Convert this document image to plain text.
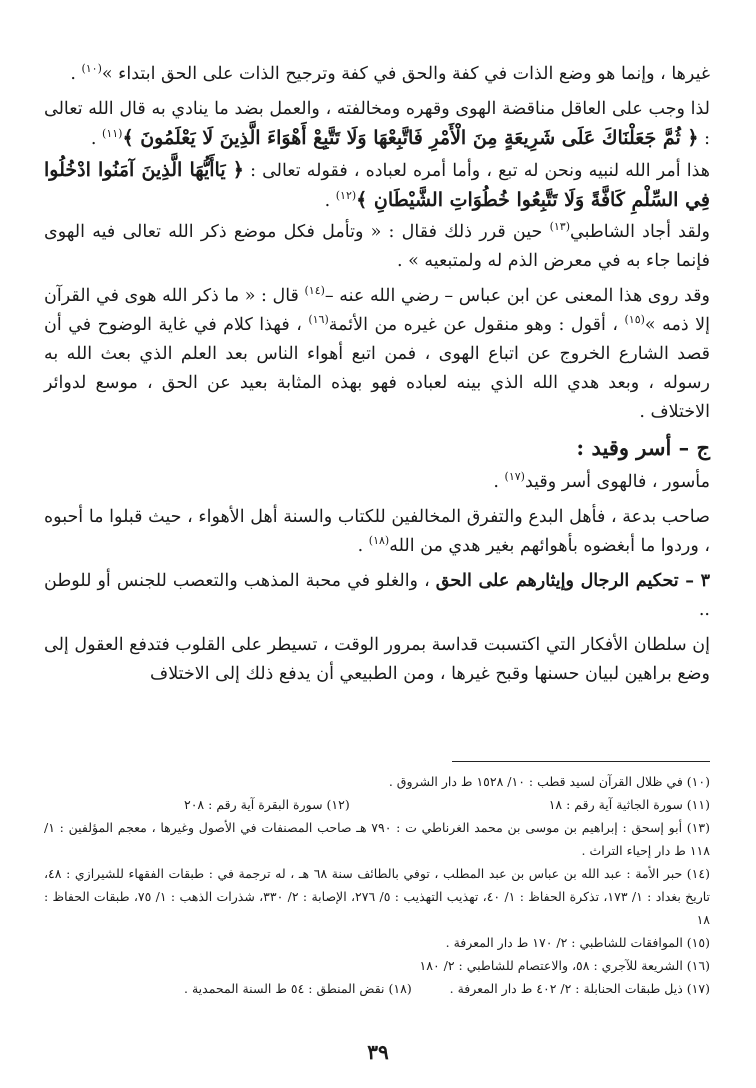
غيرها ، وإنما هو وضع الذات في كفة والحق في كفة وترجيح الذات على الحق ابتداء »$^{(١٠)}$ .

لذا وجب على العاقل مناقضة الهوى وقهره ومخالفته ، والعمل بضد ما ينادي به قال الله تعالى : ﴿ ثُمَّ جَعَلْنَاكَ عَلَى شَرِيعَةٍ مِنَ الْأَمْرِ فَاتَّبِعْهَا وَلَا تَتَّبِعْ أَهْوَاءَ الَّذِينَ لَا يَعْلَمُونَ ﴾$^{(١١)}$ .

هذا أمر الله لنبيه ونحن له تبع ، وأما أمره لعباده ، فقوله تعالى : ﴿ يَاأَيُّهَا الَّذِينَ آمَنُوا ادْخُلُوا فِي السِّلْمِ كَافَّةً وَلَا تَتَّبِعُوا خُطُوَاتِ الشَّيْطَانِ ﴾$^{(١٢)}$ .

ولقد أجاد الشاطبي$^{(١٣)}$ حين قرر ذلك فقال : « وتأمل فكل موضع ذكر الله تعالى فيه الهوى فإنما جاء به في معرض الذم له ولمتبعيه » .

وقد روى هذا المعنى عن ابن عباس – رضي الله عنه –$^{(١٤)}$ قال : « ما ذكر الله هوى في القرآن إلا ذمه »$^{(١٥)}$ ، أقول : وهو منقول عن غيره من الأئمة$^{(١٦)}$ ، فهذا كلام في غاية الوضوح في أن قصد الشارع الخروج عن اتباع الهوى ، فمن اتبع أهواء الناس بعد العلم الذي بعث الله به رسوله ، وبعد هدي الله الذي بينه لعباده فهو بهذه المثابة بعيد عن الحق ، موسع لدوائر الاختلاف .

ج – أسر وقيد :

مأسور ، فالهوى أسر وقيد$^{(١٧)}$ .

صاحب بدعة ، فأهل البدع والتفرق المخالفين للكتاب والسنة أهل الأهواء ، حيث قبلوا ما أحبوه ، وردوا ما أبغضوه بأهوائهم بغير هدي من الله$^{(١٨)}$ .

٣ – تحكيم الرجال وإيثارهم على الحق ، والغلو في محبة المذهب والتعصب للجنس أو للوطن ..

إن سلطان الأفكار التي اكتسبت قداسة بمرور الوقت ، تسيطر على القلوب فتدفع العقول إلى وضع براهين لبيان حسنها وقبح غيرها ، ومن الطبيعي أن يدفع ذلك إلى الاختلاف

(١٠) في ظلال القرآن لسيد قطب : ١٠/ ١٥٢٨ ط دار الشروق .

(١١) سورة الجاثية آية رقم : ١٨
(١٢) سورة البقرة آية رقم : ٢٠٨

(١٣) أبو إسحق : إبراهيم بن موسى بن محمد الغرناطي ت : ٧٩٠ هـ صاحب المصنفات في الأصول وغيرها ، معجم المؤلفين : ١/ ١١٨ ط دار إحياء التراث .

(١٤) حبر الأمة : عبد الله بن عباس بن عبد المطلب ، توفي بالطائف سنة ٦٨ هـ ، له ترجمة في : طبقات الفقهاء للشيرازي : ٤٨، تاريخ بغداد : ١/ ١٧٣، تذكرة الحفاظ : ١/ ٤٠، تهذيب التهذيب : ٥/ ٢٧٦، الإصابة : ٢/ ٣٣٠، شذرات الذهب : ١/ ٧٥، طبقات الحفاظ : ١٨

(١٥) الموافقات للشاطبي : ٢/ ١٧٠ ط دار المعرفة .

(١٦) الشريعة للآجري : ٥٨، والاعتصام للشاطبي : ٢/ ١٨٠

(١٧) ذيل طبقات الحنابلة : ٢/ ٤٠٢ ط دار المعرفة .
(١٨) نقض المنطق : ٥٤ ط السنة المحمدية .

٣٩
